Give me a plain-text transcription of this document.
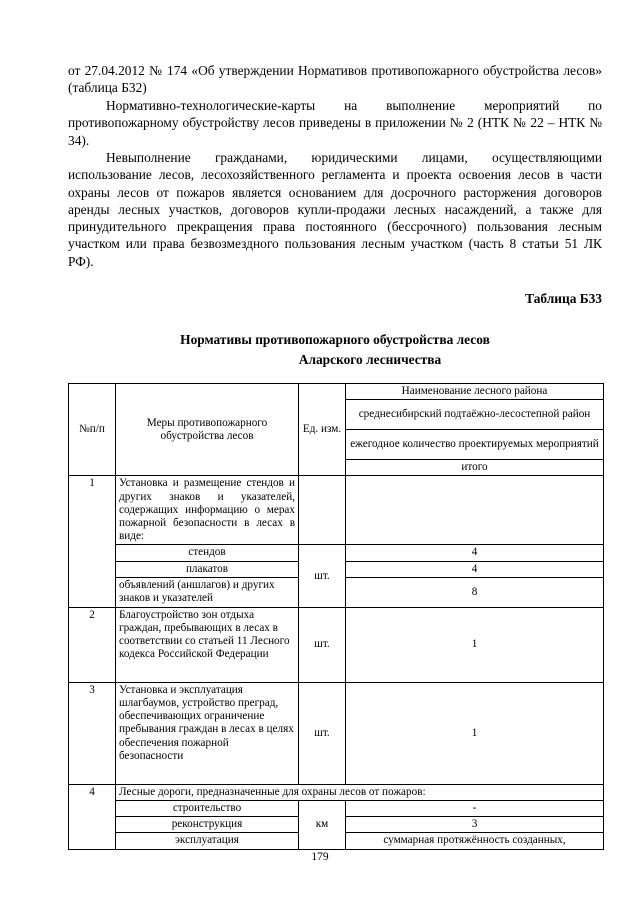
от 27.04.2012 № 174 «Об утверждении Нормативов противопожарного обустройства лесов» (таблица Б32)

Нормативно-технологические-карты на выполнение мероприятий по противопожарному обустройству лесов приведены в приложении № 2 (НТК № 22 – НТК № 34).

Невыполнение гражданами, юридическими лицами, осуществляющими использование лесов, лесохозяйственного регламента и проекта освоения лесов в части охраны лесов от пожаров является основанием для досрочного расторжения договоров аренды лесных участков, договоров купли-продажи лесных насаждений, а также для принудительного прекращения права постоянного (бессрочного) пользования лесным участком или права безвозмездного пользования лесным участком (часть 8 статьи 51 ЛК РФ).

Таблица Б33
Нормативы противопожарного обустройства лесов
Аларского лесничества
№п/п	Меры противопожарного обустройства лесов	Ед. изм.	Наименование лесного района
			среднесибирский подтаёжно-лесостепной район
			ежегодное количество проектируемых мероприятий
			итого
1	Установка и размещение стендов и других знаков и указателей, содержащих информацию о мерах пожарной безопасности в лесах в виде:		
	стендов	шт.	4
	плакатов		4
	объявлений (аншлагов) и других знаков и указателей		8
2	Благоустройство зон отдыха граждан, пребывающих в лесах в соответствии со статьей 11 Лесного кодекса Российской Федерации	шт.	1
3	Установка и эксплуатация шлагбаумов, устройство преград, обеспечивающих ограничение пребывания граждан в лесах в целях обеспечения пожарной безопасности	шт.	1
4	Лесные дороги, предназначенные для охраны лесов от пожаров:		
	строительство	км	-
	реконструкция		3
	эксплуатация		суммарная протяжённость созданных,
179
